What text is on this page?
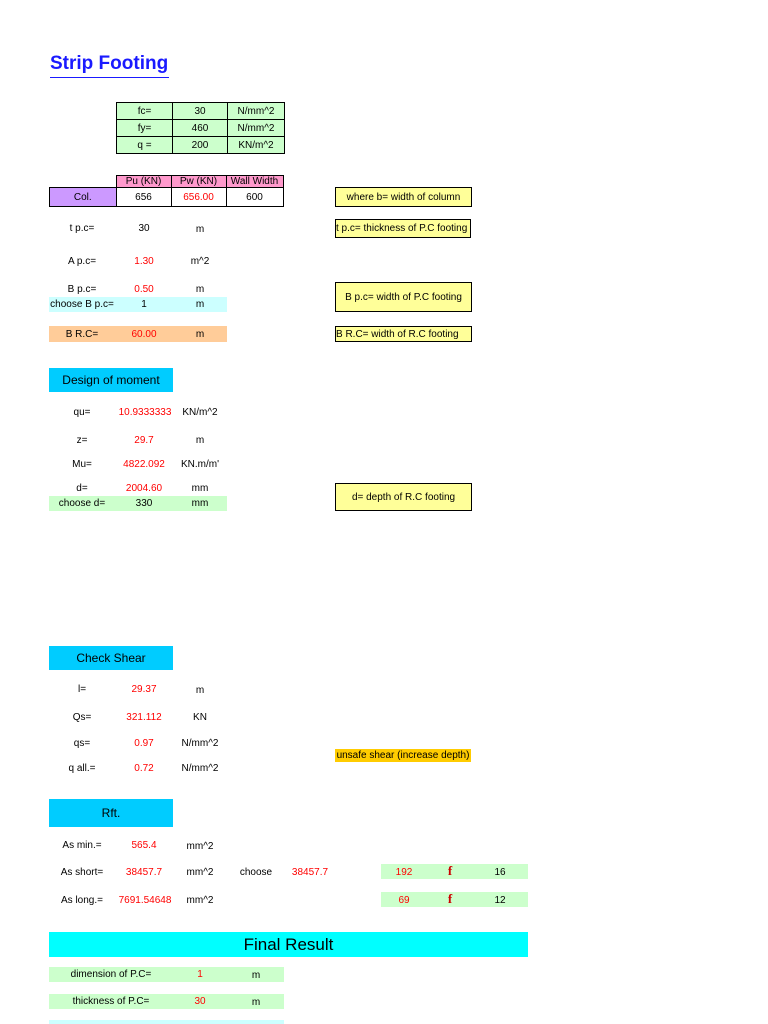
Strip Footing
fc=	30	N/mm^2
fy=	460	N/mm^2
q =	200	KN/m^2
	Pu (KN)	Pw (KN)	Wall Width
Col.	656	656.00	600	where b= width of column
t p.c= thickness of P.C footing
B p.c= width of P.C footing
B R.C= width of R.C footing
d= depth of R.C footing
t p.c=	30	m
A p.c=	1.30	m^2
B p.c=	0.50	m
choose B p.c=	1	m
B R.C=	60.00	m
Design of moment
qu=	10.9333333	KN/m^2
z=	29.7	m
Mu=	4822.092	KN.m/m'
d=	2004.60	mm
choose d=	330	mm
Check Shear
l=	29.37	m
Qs=	321.112	KN
qs=	0.97	N/mm^2
q all.=	0.72	N/mm^2
unsafe shear (increase depth)
Rft.
As min.=	565.4	mm^2
As short=	38457.7	mm^2	choose	38457.7	192	f	16
As long.=	7691.54648	mm^2	69	f	12
Final Result
dimension of P.C=	1	m
thickness of P.C=	30	m
